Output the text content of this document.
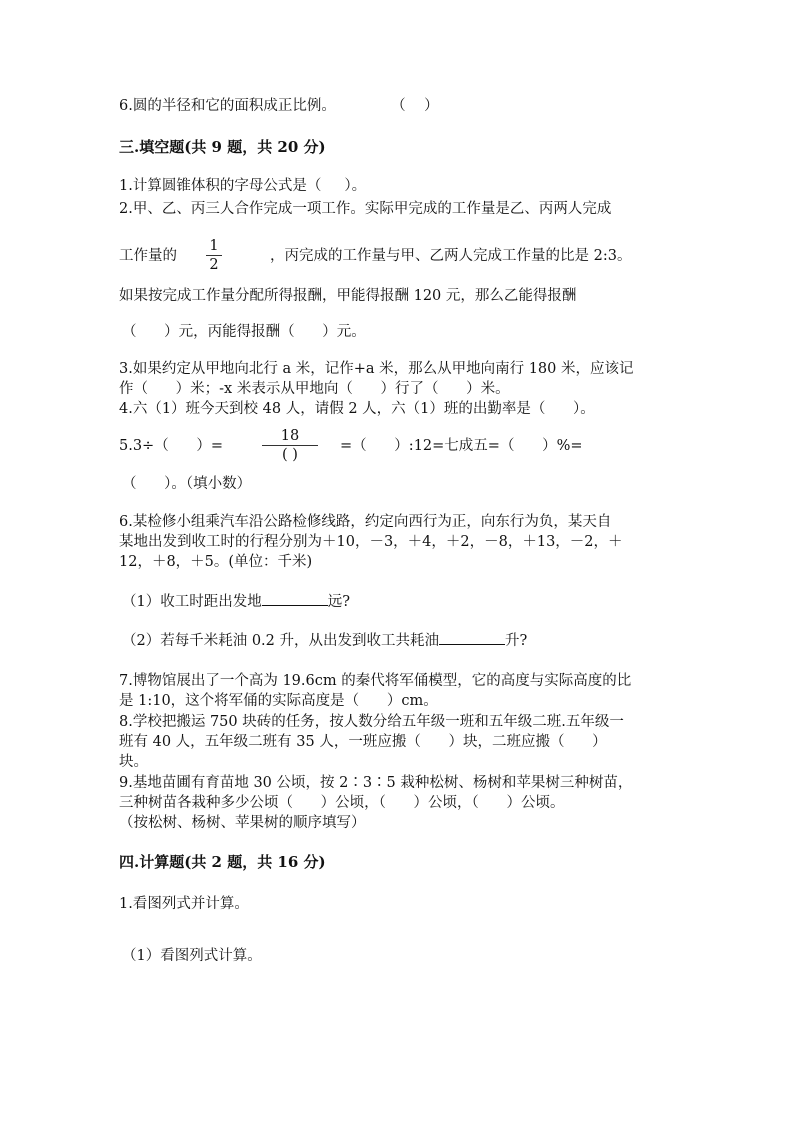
6.圆的半径和它的面积成正比例。            （    ）
三.填空题(共 9 题，共 20 分)
1.计算圆锥体积的字母公式是（     ）。
2.甲、乙、丙三人合作完成一项工作。实际甲完成的工作量是乙、丙两人完成
工作量的
1
2
，丙完成的工作量与甲、乙两人完成工作量的比是 2:3。
如果按完成工作量分配所得报酬，甲能得报酬 120 元，那么乙能得报酬
（      ）元，丙能得报酬（      ）元。
3.如果约定从甲地向北行 a 米，记作+a 米，那么从甲地向南行 180 米，应该记
作（      ）米；-x 米表示从甲地向（      ）行了（      ）米。
4.六（1）班今天到校 48 人，请假 2 人，六（1）班的出勤率是（      ）。
5.3÷（      ）=
18
( )
=（      ）:12=七成五=（      ）%=
（      ）。（填小数）
6.某检修小组乘汽车沿公路检修线路，约定向西行为正，向东行为负，某天自
某地出发到收工时的行程分别为＋10，－3，＋4，＋2，－8，＋13，－2，＋
12，＋8，＋5。(单位：千米)
（1）收工时距出发地	远?
（2）若每千米耗油 0.2 升，从出发到收工共耗油	升?
7.博物馆展出了一个高为 19.6cm 的秦代将军俑模型，它的高度与实际高度的比
是 1:10，这个将军俑的实际高度是（      ）cm。
8.学校把搬运 750 块砖的任务，按人数分给五年级一班和五年级二班.五年级一
班有 40 人，五年级二班有 35 人，一班应搬（      ）块，二班应搬（      ）
块。
9.基地苗圃有育苗地 30 公顷，按 2∶3∶5 栽种松树、杨树和苹果树三种树苗，
三种树苗各栽种多少公顷（      ）公顷，（      ）公顷，（      ）公顷。
（按松树、杨树、苹果树的顺序填写）
四.计算题(共 2 题，共 16 分)
1.看图列式并计算。
（1）看图列式计算。
